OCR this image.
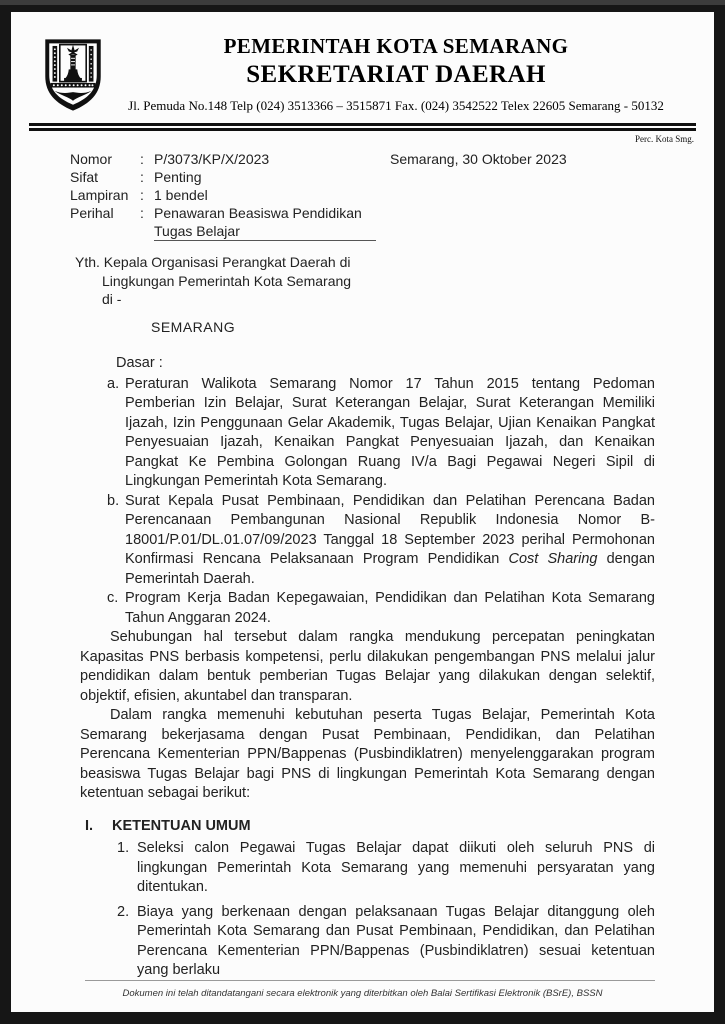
PEMERINTAH KOTA SEMARANG
SEKRETARIAT DAERAH
Jl. Pemuda No.148 Telp (024) 3513366 – 3515871 Fax. (024) 3542522 Telex 22605 Semarang - 50132
Perc. Kota Smg.
Nomor	: P/3073/KP/X/2023
Sifat	: Penting
Lampiran : 1 bendel
Perihal	: Penawaran Beasiswa Pendidikan Tugas Belajar
Semarang, 30 Oktober 2023
Yth. Kepala Organisasi Perangkat Daerah di
Lingkungan Pemerintah Kota Semarang
di -
SEMARANG
Dasar :
a. Peraturan Walikota Semarang Nomor 17 Tahun 2015 tentang Pedoman Pemberian Izin Belajar, Surat Keterangan Belajar, Surat Keterangan Memiliki Ijazah, Izin Penggunaan Gelar Akademik, Tugas Belajar, Ujian Kenaikan Pangkat Penyesuaian Ijazah, Kenaikan Pangkat Penyesuaian Ijazah, dan Kenaikan Pangkat Ke Pembina Golongan Ruang IV/a Bagi Pegawai Negeri Sipil di Lingkungan Pemerintah Kota Semarang.
b. Surat Kepala Pusat Pembinaan, Pendidikan dan Pelatihan Perencana Badan Perencanaan Pembangunan Nasional Republik Indonesia Nomor B-18001/P.01/DL.01.07/09/2023 Tanggal 18 September 2023 perihal Permohonan Konfirmasi Rencana Pelaksanaan Program Pendidikan Cost Sharing dengan Pemerintah Daerah.
c. Program Kerja Badan Kepegawaian, Pendidikan dan Pelatihan Kota Semarang Tahun Anggaran 2024.
Sehubungan hal tersebut dalam rangka mendukung percepatan peningkatan Kapasitas PNS berbasis kompetensi, perlu dilakukan pengembangan PNS melalui jalur pendidikan dalam bentuk pemberian Tugas Belajar yang dilakukan dengan selektif, objektif, efisien, akuntabel dan transparan.
Dalam rangka memenuhi kebutuhan peserta Tugas Belajar, Pemerintah Kota Semarang bekerjasama dengan Pusat Pembinaan, Pendidikan, dan Pelatihan Perencana Kementerian PPN/Bappenas (Pusbindiklatren) menyelenggarakan program beasiswa Tugas Belajar bagi PNS di lingkungan Pemerintah Kota Semarang dengan ketentuan sebagai berikut:
I.	KETENTUAN UMUM
1. Seleksi calon Pegawai Tugas Belajar dapat diikuti oleh seluruh PNS di lingkungan Pemerintah Kota Semarang yang memenuhi persyaratan yang ditentukan.
2. Biaya yang berkenaan dengan pelaksanaan Tugas Belajar ditanggung oleh Pemerintah Kota Semarang dan Pusat Pembinaan, Pendidikan, dan Pelatihan Perencana Kementerian PPN/Bappenas (Pusbindiklatren) sesuai ketentuan yang berlaku
Dokumen ini telah ditandatangani secara elektronik yang diterbitkan oleh Balai Sertifikasi Elektronik (BSrE), BSSN
